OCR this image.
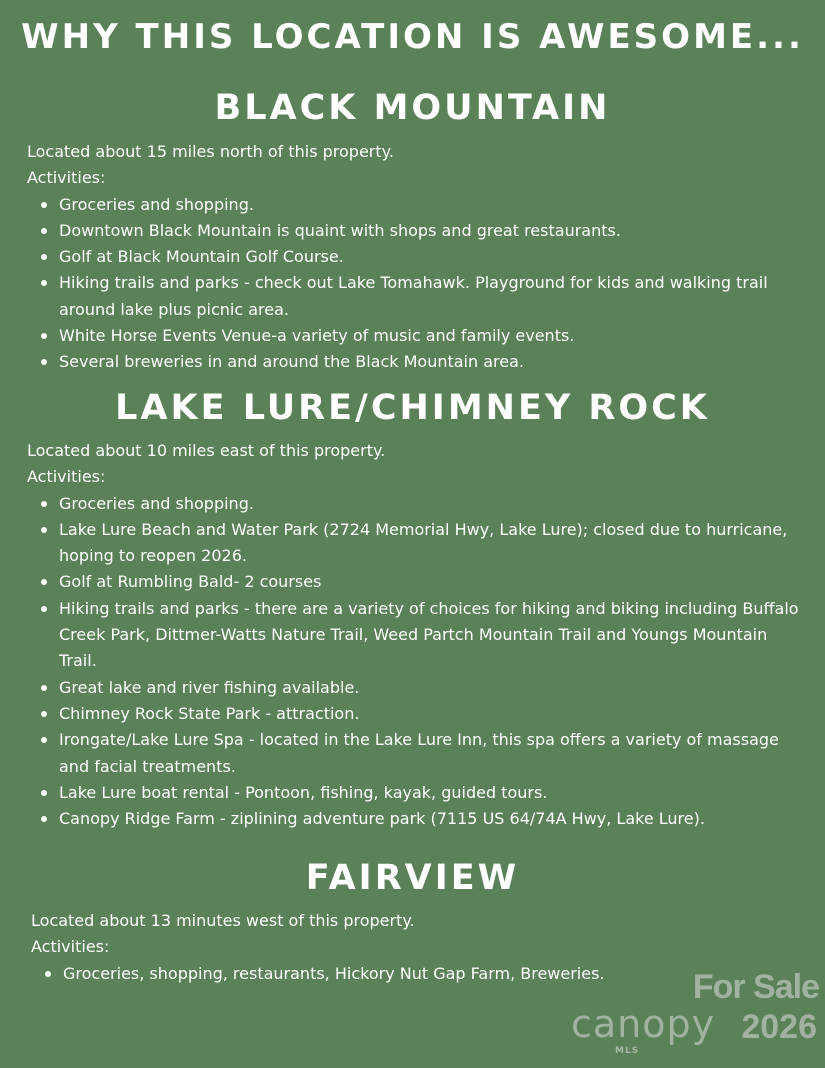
WHY THIS LOCATION IS AWESOME...
BLACK MOUNTAIN

Located about 15 miles north of this property.

Activities:

Groceries and shopping.
Downtown Black Mountain is quaint with shops and great restaurants.
Golf at Black Mountain Golf Course.
Hiking trails and parks - check out Lake Tomahawk. Playground for kids and walking trail around lake plus picnic area.
White Horse Events Venue-a variety of music and family events.
Several breweries in and around the Black Mountain area.
LAKE LURE/CHIMNEY ROCK

Located about 10 miles east of this property.

Activities:

Groceries and shopping.
Lake Lure Beach and Water Park (2724 Memorial Hwy, Lake Lure); closed due to hurricane, hoping to reopen 2026.
Golf at Rumbling Bald- 2 courses
Hiking trails and parks - there are a variety of choices for hiking and biking including Buffalo Creek Park, Dittmer-Watts Nature Trail, Weed Partch Mountain Trail and Youngs Mountain Trail.
Great lake and river fishing available.
Chimney Rock State Park - attraction.
Irongate/Lake Lure Spa - located in the Lake Lure Inn, this spa offers a variety of massage and facial treatments.
Lake Lure boat rental - Pontoon, fishing, kayak, guided tours.
Canopy Ridge Farm - ziplining adventure park (7115 US 64/74A Hwy, Lake Lure).
FAIRVIEW

Located about 13 minutes west of this property.

Activities:

Groceries, shopping, restaurants, Hickory Nut Gap Farm, Breweries.	For Sale
canopy
MLS
2026
